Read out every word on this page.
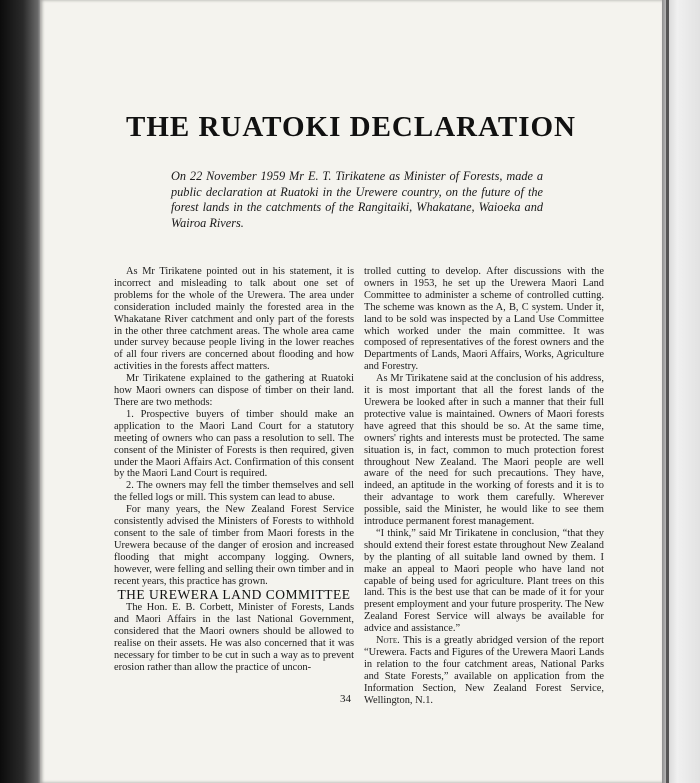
THE RUATOKI DECLARATION

On 22 November 1959 Mr E. T. Tirikatene as Minister of Forests, made a public declaration at Ruatoki in the Urewere country, on the future of the forest lands in the catchments of the Rangitaiki, Whakatane, Waioeka and Wairoa Rivers.

As Mr Tirikatene pointed out in his statement, it is incorrect and misleading to talk about one set of problems for the whole of the Urewera. The area under consideration included mainly the forested area in the Whakatane River catchment and only part of the forests in the other three catchment areas. The whole area came under survey because people living in the lower reaches of all four rivers are concerned about flooding and how activities in the forests affect matters.

Mr Tirikatene explained to the gathering at Ruatoki how Maori owners can dispose of timber on their land. There are two methods:

1. Prospective buyers of timber should make an application to the Maori Land Court for a statutory meeting of owners who can pass a resolution to sell. The consent of the Minister of Forests is then required, given under the Maori Affairs Act. Confirmation of this consent by the Maori Land Court is required.

2. The owners may fell the timber themselves and sell the felled logs or mill. This system can lead to abuse.

For many years, the New Zealand Forest Service consistently advised the Ministers of Forests to withhold consent to the sale of timber from Maori forests in the Urewera because of the danger of erosion and increased flooding that might accompany logging. Owners, however, were felling and selling their own timber and in recent years, this practice has grown.

THE UREWERA LAND COMMITTEE

The Hon. E. B. Corbett, Minister of Forests, Lands and Maori Affairs in the last National Government, considered that the Maori owners should be allowed to realise on their assets. He was also concerned that it was necessary for timber to be cut in such a way as to prevent erosion rather than allow the practice of uncon-

trolled cutting to develop. After discussions with the owners in 1953, he set up the Urewera Maori Land Committee to administer a scheme of controlled cutting. The scheme was known as the A, B, C system. Under it, land to be sold was inspected by a Land Use Committee which worked under the main committee. It was composed of representatives of the forest owners and the Departments of Lands, Maori Affairs, Works, Agriculture and Forestry.

As Mr Tirikatene said at the conclusion of his address, it is most important that all the forest lands of the Urewera be looked after in such a manner that their full protective value is maintained. Owners of Maori forests have agreed that this should be so. At the same time, owners' rights and interests must be protected. The same situation is, in fact, common to much protection forest throughout New Zealand. The Maori people are well aware of the need for such precautions. They have, indeed, an aptitude in the working of forests and it is to their advantage to work them carefully. Wherever possible, said the Minister, he would like to see them introduce permanent forest management.

“I think,” said Mr Tirikatene in conclusion, “that they should extend their forest estate throughout New Zealand by the planting of all suitable land owned by them. I make an appeal to Maori people who have land not capable of being used for agriculture. Plant trees on this land. This is the best use that can be made of it for your present employment and your future prosperity. The New Zealand Forest Service will always be available for advice and assistance.”

Note. This is a greatly abridged version of the report “Urewera. Facts and Figures of the Urewera Maori Lands in relation to the four catchment areas, National Parks and State Forests,” available on application from the Information Section, New Zealand Forest Service, Wellington, N.1.

34
